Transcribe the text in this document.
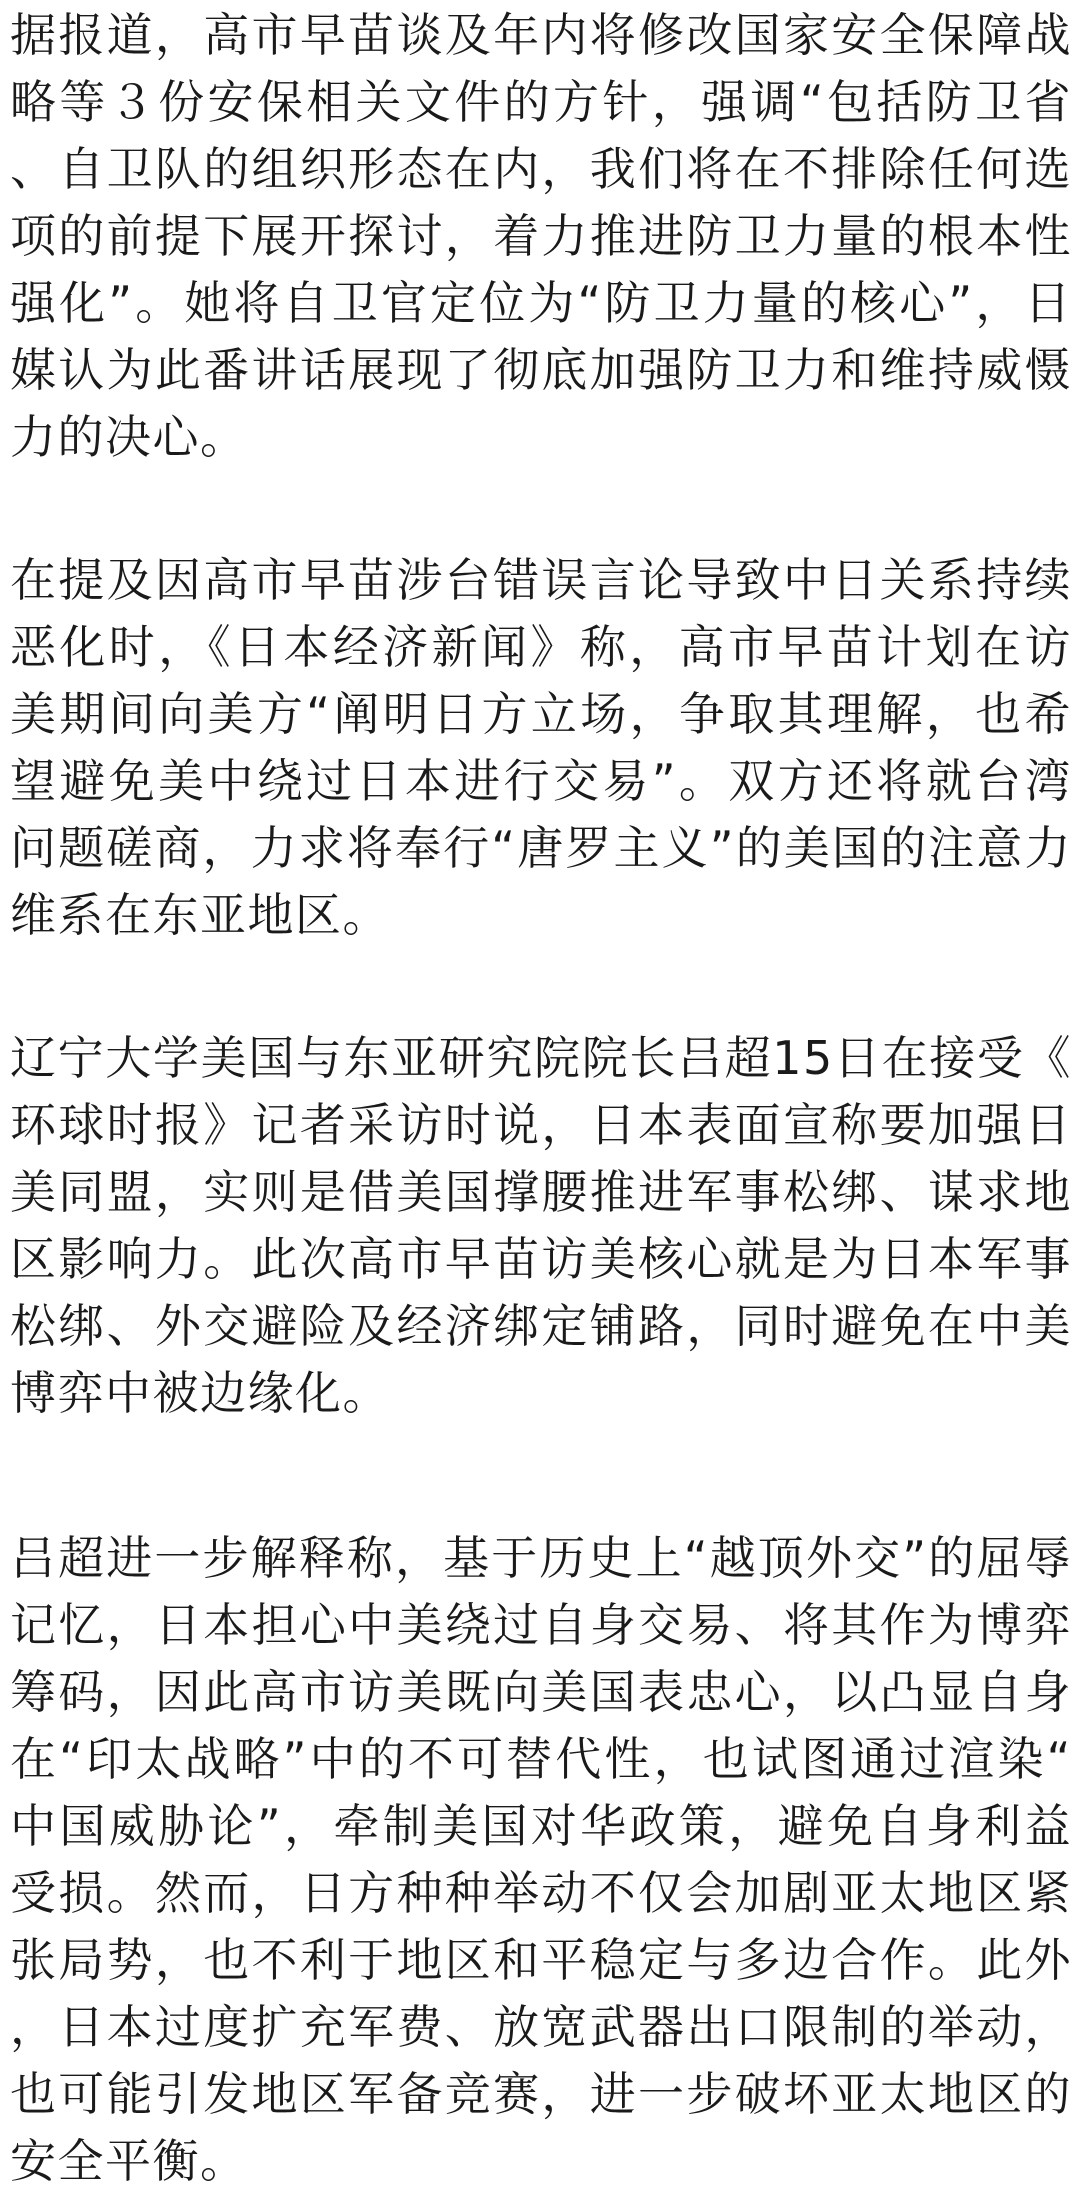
据报道，高市早苗谈及年内将修改国家安全保障战略等３份安保相关文件的方针，强调“包括防卫省、自卫队的组织形态在内，我们将在不排除任何选项的前提下展开探讨，着力推进防卫力量的根本性强化”。她将自卫官定位为“防卫力量的核心”，日媒认为此番讲话展现了彻底加强防卫力和维持威慑力的决心。

在提及因高市早苗涉台错误言论导致中日关系持续恶化时，《日本经济新闻》称，高市早苗计划在访美期间向美方“阐明日方立场，争取其理解，也希望避免美中绕过日本进行交易”。双方还将就台湾问题磋商，力求将奉行“唐罗主义”的美国的注意力维系在东亚地区。

辽宁大学美国与东亚研究院院长吕超15日在接受《环球时报》记者采访时说，日本表面宣称要加强日美同盟，实则是借美国撑腰推进军事松绑、谋求地区影响力。此次高市早苗访美核心就是为日本军事松绑、外交避险及经济绑定铺路，同时避免在中美博弈中被边缘化。

吕超进一步解释称，基于历史上“越顶外交”的屈辱记忆，日本担心中美绕过自身交易、将其作为博弈筹码，因此高市访美既向美国表忠心，以凸显自身在“印太战略”中的不可替代性，也试图通过渲染“中国威胁论”，牵制美国对华政策，避免自身利益受损。然而，日方种种举动不仅会加剧亚太地区紧张局势，也不利于地区和平稳定与多边合作。此外，日本过度扩充军费、放宽武器出口限制的举动，也可能引发地区军备竞赛，进一步破坏亚太地区的安全平衡。
